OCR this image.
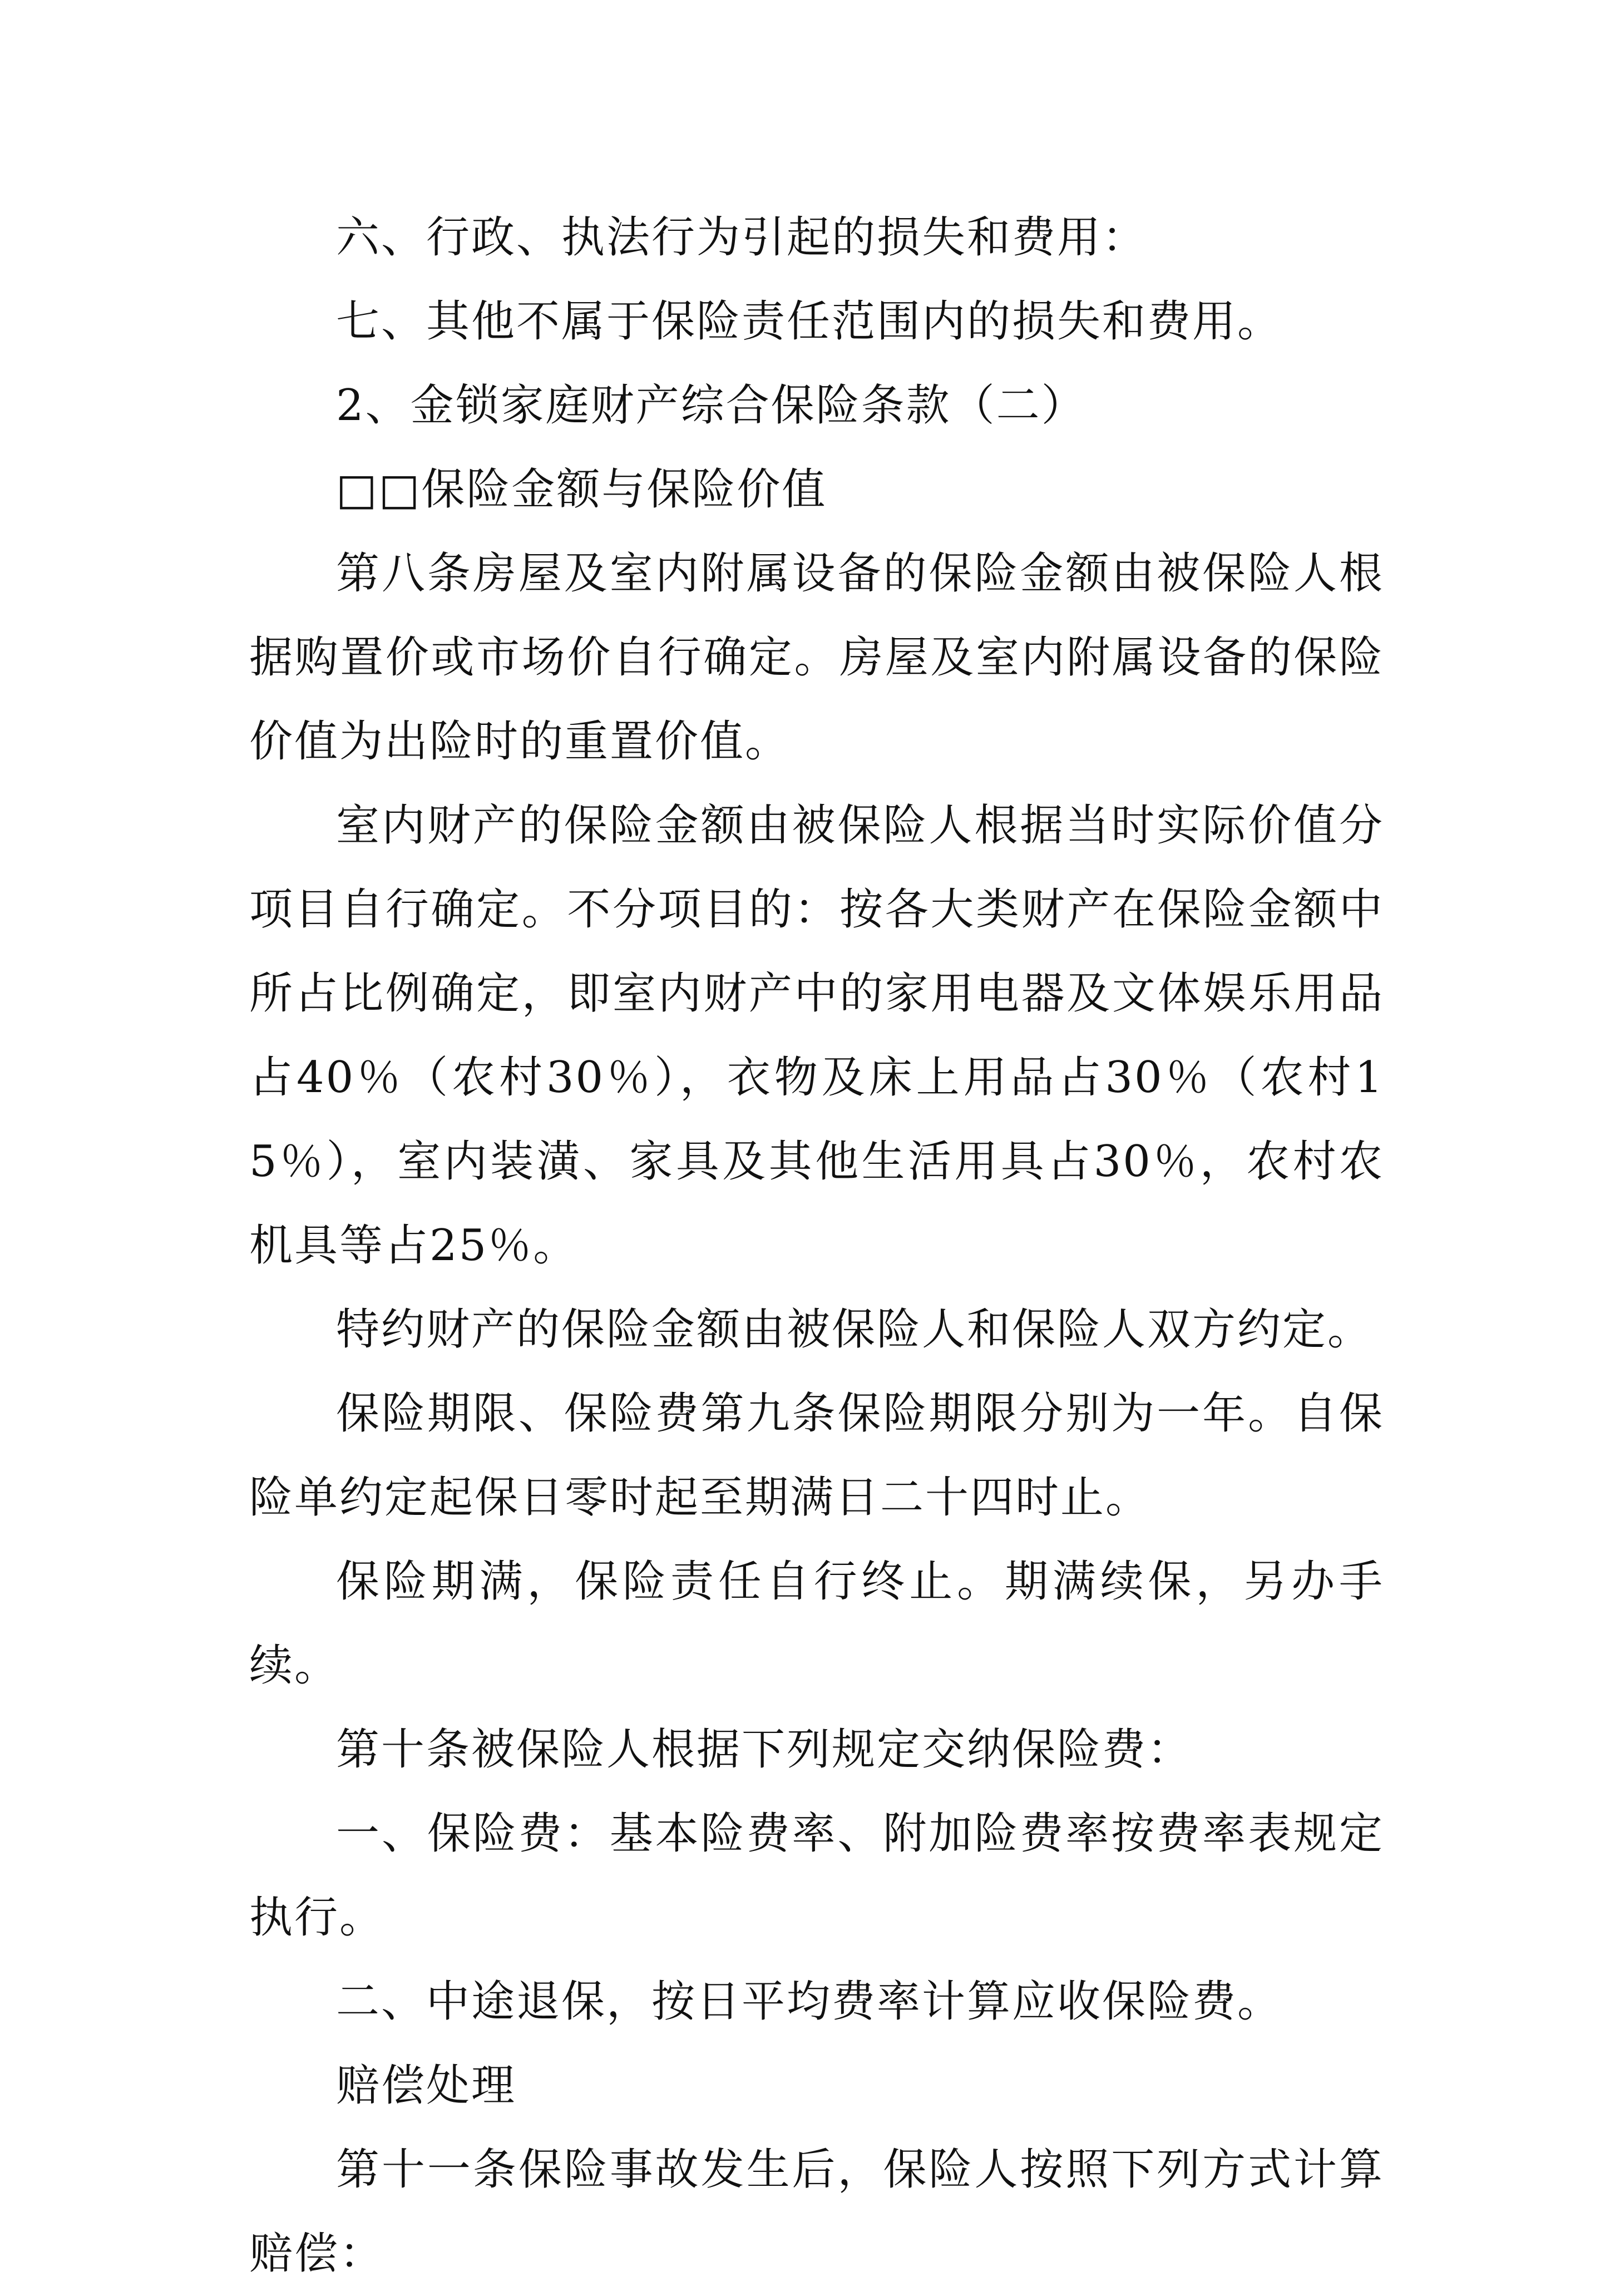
六、行政、执法行为引起的损失和费用：

七、其他不属于保险责任范围内的损失和费用。

2、金锁家庭财产综合保险条款（二）

□□保险金额与保险价值

第八条房屋及室内附属设备的保险金额由被保险人根据购置价或市场价自行确定。房屋及室内附属设备的保险价值为出险时的重置价值。

室内财产的保险金额由被保险人根据当时实际价值分项目自行确定。不分项目的：按各大类财产在保险金额中所占比例确定，即室内财产中的家用电器及文体娱乐用品占40％（农村30％），衣物及床上用品占30％（农村15％），室内装潢、家具及其他生活用具占30％，农村农机具等占25％。

特约财产的保险金额由被保险人和保险人双方约定。

保险期限、保险费第九条保险期限分别为一年。自保险单约定起保日零时起至期满日二十四时止。

保险期满，保险责任自行终止。期满续保，另办手续。

第十条被保险人根据下列规定交纳保险费：

一、保险费：基本险费率、附加险费率按费率表规定执行。

二、中途退保，按日平均费率计算应收保险费。

赔偿处理

第十一条保险事故发生后，保险人按照下列方式计算赔偿：
